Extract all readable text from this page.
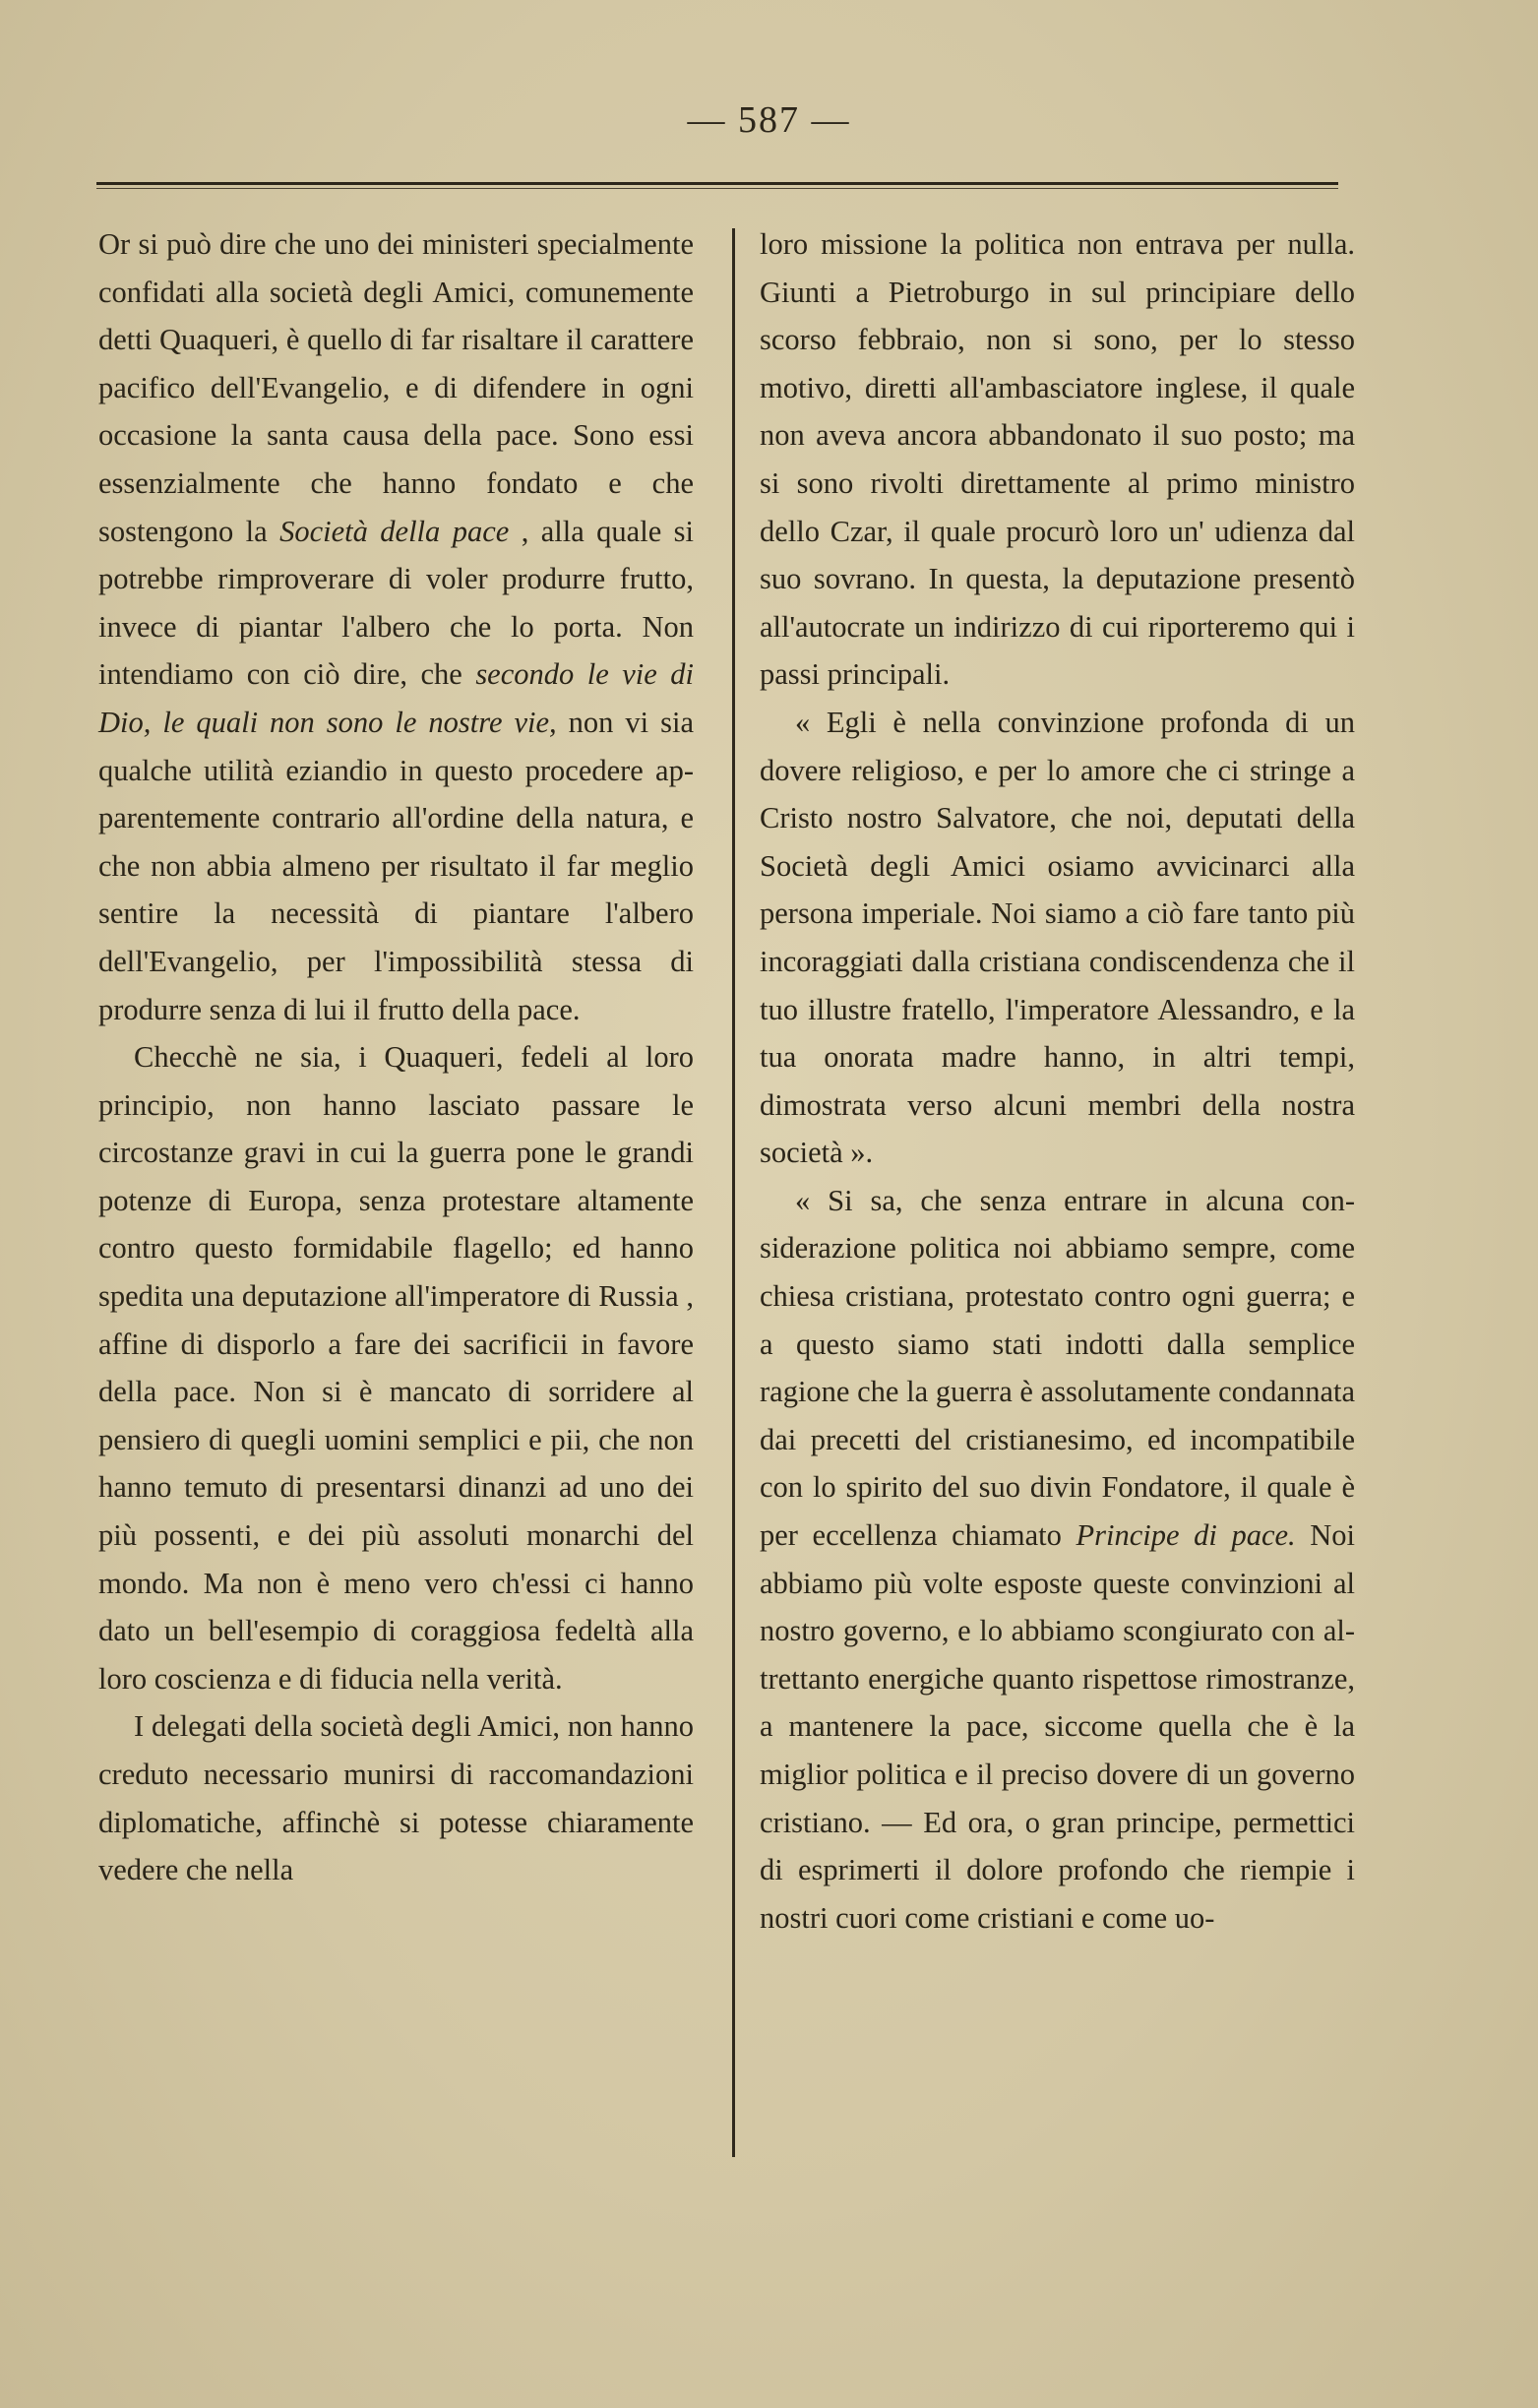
— 587 —

Or si può dire che uno dei ministeri specialmente confidati alla società degli Amici, comunemente detti Quaqueri, è quello di far risaltare il carattere pacifico dell'Evangelio, e di difendere in ogni occasione la santa causa della pace. Sono essi essenzialmente che hanno fondato e che sostengono la Società della pace , alla quale si potrebbe rimproverare di voler produrre frutto, invece di piantar l'albero che lo porta. Non intendiamo con ciò dire, che secondo le vie di Dio, le quali non sono le nostre vie, non vi sia qualche utilità eziandio in questo procedere apparentemente contrario all'ordine della natura, e che non abbia almeno per risultato il far meglio sentire la necessità di piantare l'albero dell'Evangelio, per l'impossibilità stessa di produrre senza di lui il frutto della pace.

Checchè ne sia, i Quaqueri, fedeli al loro principio, non hanno lasciato passare le circostanze gravi in cui la guerra pone le grandi potenze di Europa, senza protestare altamente contro questo formidabile flagello; ed hanno spedita una deputazione all'imperatore di Russia , affine di disporlo a fare dei sacrificii in favore della pace. Non si è mancato di sorridere al pensiero di quegli uomini semplici e pii, che non hanno temuto di presentarsi dinanzi ad uno dei più possenti, e dei più assoluti monarchi del mondo. Ma non è meno vero ch'essi ci hanno dato un bell'esempio di coraggiosa fedeltà alla loro coscienza e di fiducia nella verità.

I delegati della società degli Amici, non hanno creduto necessario munirsi di raccomandazioni diplomatiche, affinchè si potesse chiaramente vedere che nella

loro missione la politica non entrava per nulla. Giunti a Pietroburgo in sul principiare dello scorso febbraio, non si sono, per lo stesso motivo, diretti all'ambasciatore inglese, il quale non aveva ancora abbandonato il suo posto; ma si sono rivolti direttamente al primo ministro dello Czar, il quale procurò loro un' udienza dal suo sovrano. In questa, la deputazione presentò all'autocrate un indirizzo di cui riporteremo qui i passi principali.

« Egli è nella convinzione profonda di un dovere religioso, e per lo amore che ci stringe a Cristo nostro Salvatore, che noi, deputati della Società degli Amici osiamo avvicinarci alla persona imperiale. Noi siamo a ciò fare tanto più incoraggiati dalla cristiana condiscendenza che il tuo illustre fratello, l'imperatore Alessandro, e la tua onorata madre hanno, in altri tempi, dimostrata verso alcuni membri della nostra società ».

« Si sa, che senza entrare in alcuna considerazione politica noi abbiamo sempre, come chiesa cristiana, protestato contro ogni guerra; e a questo siamo stati indotti dalla semplice ragione che la guerra è assolutamente condannata dai precetti del cristianesimo, ed incompatibile con lo spirito del suo divin Fondatore, il quale è per eccellenza chiamato Principe di pace. Noi abbiamo più volte esposte queste convinzioni al nostro governo, e lo abbiamo scongiurato con altrettanto energiche quanto rispettose rimostranze, a mantenere la pace, siccome quella che è la miglior politica e il preciso dovere di un governo cristiano. — Ed ora, o gran principe, permettici di esprimerti il dolore profondo che riempie i nostri cuori come cristiani e come uo-
